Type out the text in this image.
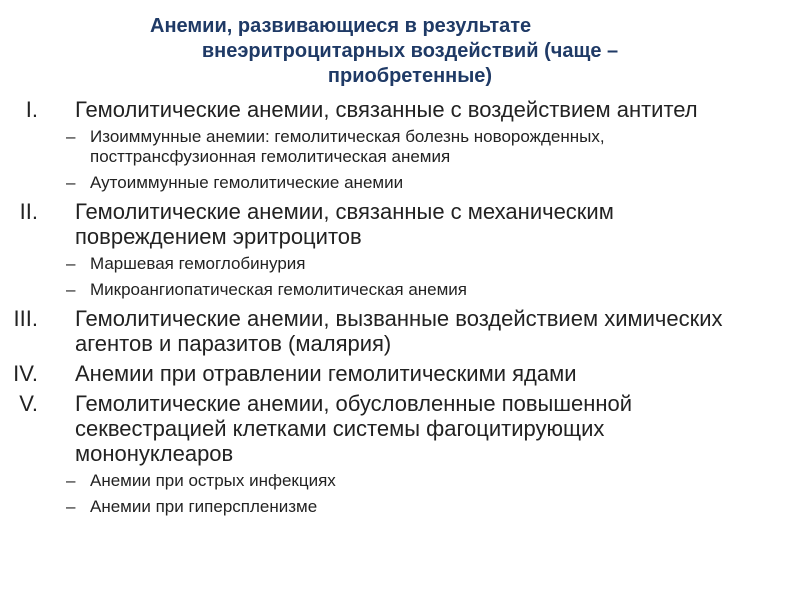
Анемии, развивающиеся в результате
внеэритроцитарных воздействий (чаще –
приобретенные)
I. Гемолитические анемии, связанные с воздействием антител
– Изоиммунные анемии: гемолитическая болезнь новорожденных, посттрансфузионная гемолитическая анемия
– Аутоиммунные гемолитические анемии
II. Гемолитические анемии, связанные с механическим повреждением эритроцитов
– Маршевая гемоглобинурия
– Микроангиопатическая гемолитическая анемия
III. Гемолитические анемии, вызванные воздействием химических агентов и паразитов (малярия)
IV. Анемии при отравлении гемолитическими ядами
V. Гемолитические анемии, обусловленные повышенной секвестрацией клетками системы фагоцитирующих мононуклеаров
– Анемии при острых инфекциях
– Анемии при гиперспленизме
